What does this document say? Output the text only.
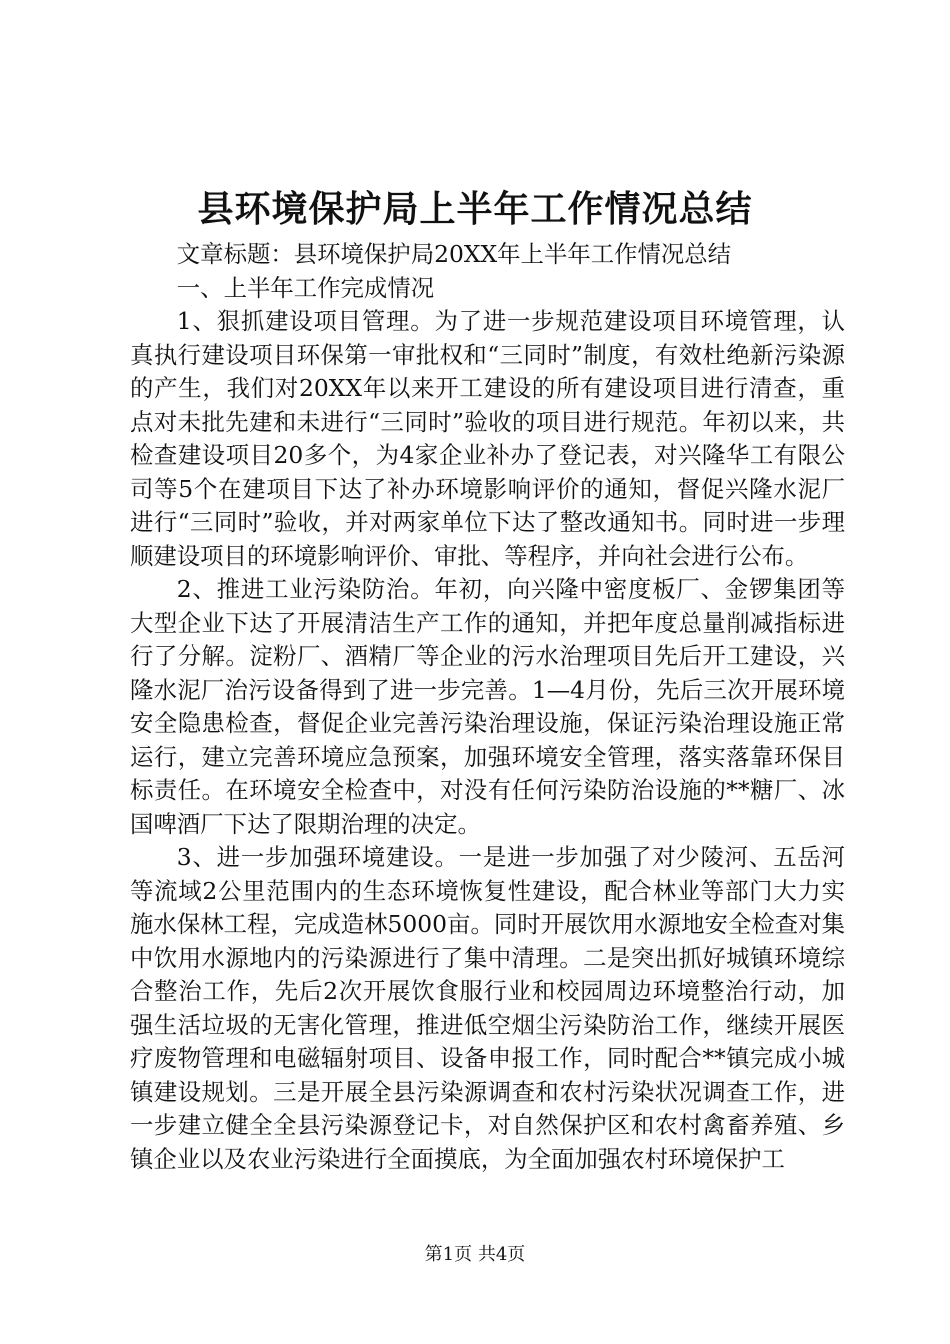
县环境保护局上半年工作情况总结

文章标题：县环境保护局20XX年上半年工作情况总结

一、上半年工作完成情况

1、狠抓建设项目管理。为了进一步规范建设项目环境管理，认真执行建设项目环保第一审批权和“三同时”制度，有效杜绝新污染源的产生，我们对20XX年以来开工建设的所有建设项目进行清查，重点对未批先建和未进行“三同时”验收的项目进行规范。年初以来，共检查建设项目20多个，为4家企业补办了登记表，对兴隆华工有限公司等5个在建项目下达了补办环境影响评价的通知，督促兴隆水泥厂进行“三同时”验收，并对两家单位下达了整改通知书。同时进一步理顺建设项目的环境影响评价、审批、等程序，并向社会进行公布。

2、推进工业污染防治。年初，向兴隆中密度板厂、金锣集团等大型企业下达了开展清洁生产工作的通知，并把年度总量削减指标进行了分解。淀粉厂、酒精厂等企业的污水治理项目先后开工建设，兴隆水泥厂治污设备得到了进一步完善。1—4月份，先后三次开展环境安全隐患检查，督促企业完善污染治理设施，保证污染治理设施正常运行，建立完善环境应急预案，加强环境安全管理，落实落靠环保目标责任。在环境安全检查中，对没有任何污染防治设施的**糖厂、冰国啤酒厂下达了限期治理的决定。

3、进一步加强环境建设。一是进一步加强了对少陵河、五岳河等流域2公里范围内的生态环境恢复性建设，配合林业等部门大力实施水保林工程，完成造林5000亩。同时开展饮用水源地安全检查对集中饮用水源地内的污染源进行了集中清理。二是突出抓好城镇环境综合整治工作，先后2次开展饮食服行业和校园周边环境整治行动，加强生活垃圾的无害化管理，推进低空烟尘污染防治工作，继续开展医疗废物管理和电磁辐射项目、设备申报工作，同时配合**镇完成小城镇建设规划。三是开展全县污染源调查和农村污染状况调查工作，进一步建立健全全县污染源登记卡，对自然保护区和农村禽畜养殖、乡镇企业以及农业污染进行全面摸底，为全面加强农村环境保护工

第1页 共4页
